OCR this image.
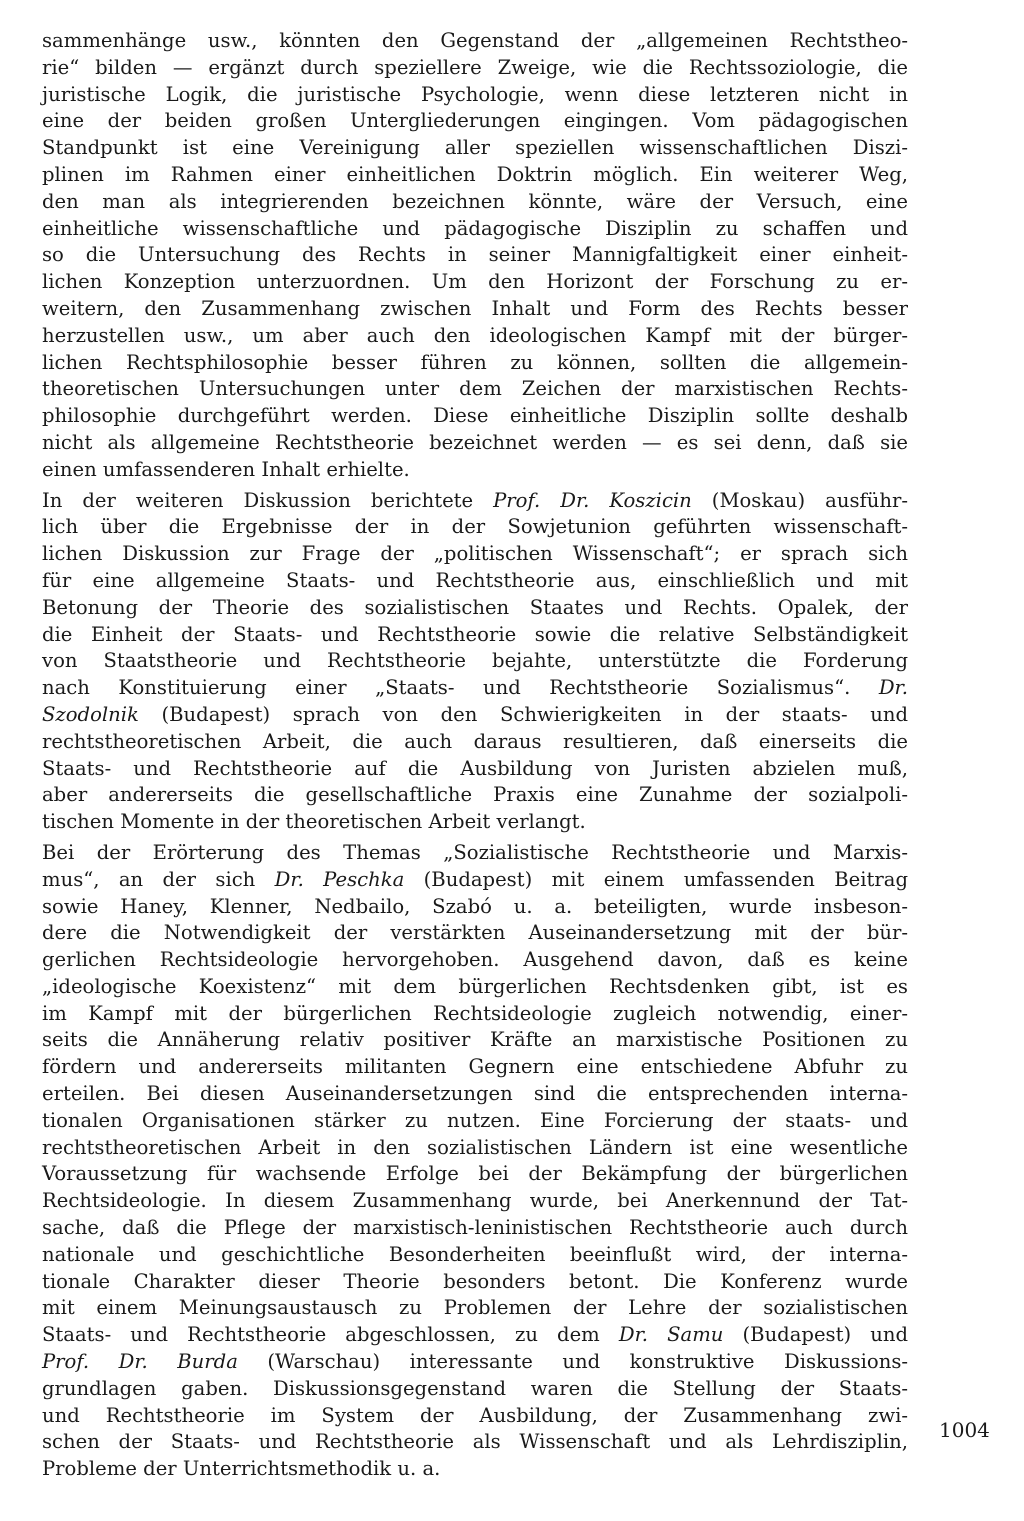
sammenhänge usw., könnten den Gegenstand der „allgemeinen Rechtstheo-
rie“ bilden — ergänzt durch speziellere Zweige, wie die Rechtssoziologie, die
juristische Logik, die juristische Psychologie, wenn diese letzteren nicht in
eine der beiden großen Untergliederungen eingingen. Vom pädagogischen
Standpunkt ist eine Vereinigung aller speziellen wissenschaftlichen Diszi-
plinen im Rahmen einer einheitlichen Doktrin möglich. Ein weiterer Weg,
den man als integrierenden bezeichnen könnte, wäre der Versuch, eine
einheitliche wissenschaftliche und pädagogische Disziplin zu schaffen und
so die Untersuchung des Rechts in seiner Mannigfaltigkeit einer einheit-
lichen Konzeption unterzuordnen. Um den Horizont der Forschung zu er-
weitern, den Zusammenhang zwischen Inhalt und Form des Rechts besser
herzustellen usw., um aber auch den ideologischen Kampf mit der bürger-
lichen Rechtsphilosophie besser führen zu können, sollten die allgemein-
theoretischen Untersuchungen unter dem Zeichen der marxistischen Rechts-
philosophie durchgeführt werden. Diese einheitliche Disziplin sollte deshalb
nicht als allgemeine Rechtstheorie bezeichnet werden — es sei denn, daß sie
einen umfassenderen Inhalt erhielte.
In der weiteren Diskussion berichtete Prof. Dr. Koszicin (Moskau) ausführ-
lich über die Ergebnisse der in der Sowjetunion geführten wissenschaft-
lichen Diskussion zur Frage der „politischen Wissenschaft“; er sprach sich
für eine allgemeine Staats- und Rechtstheorie aus, einschließlich und mit
Betonung der Theorie des sozialistischen Staates und Rechts. Opalek, der
die Einheit der Staats- und Rechtstheorie sowie die relative Selbständigkeit
von Staatstheorie und Rechtstheorie bejahte, unterstützte die Forderung
nach Konstituierung einer „Staats- und Rechtstheorie Sozialismus“. Dr.
Szodolnik (Budapest) sprach von den Schwierigkeiten in der staats- und
rechtstheoretischen Arbeit, die auch daraus resultieren, daß einerseits die
Staats- und Rechtstheorie auf die Ausbildung von Juristen abzielen muß,
aber andererseits die gesellschaftliche Praxis eine Zunahme der sozialpoli-
tischen Momente in der theoretischen Arbeit verlangt.
Bei der Erörterung des Themas „Sozialistische Rechtstheorie und Marxis-
mus“, an der sich Dr. Peschka (Budapest) mit einem umfassenden Beitrag
sowie Haney, Klenner, Nedbailo, Szabó u. a. beteiligten, wurde insbeson-
dere die Notwendigkeit der verstärkten Auseinandersetzung mit der bür-
gerlichen Rechtsideologie hervorgehoben. Ausgehend davon, daß es keine
„ideologische Koexistenz“ mit dem bürgerlichen Rechtsdenken gibt, ist es
im Kampf mit der bürgerlichen Rechtsideologie zugleich notwendig, einer-
seits die Annäherung relativ positiver Kräfte an marxistische Positionen zu
fördern und andererseits militanten Gegnern eine entschiedene Abfuhr zu
erteilen. Bei diesen Auseinandersetzungen sind die entsprechenden interna-
tionalen Organisationen stärker zu nutzen. Eine Forcierung der staats- und
rechtstheoretischen Arbeit in den sozialistischen Ländern ist eine wesentliche
Voraussetzung für wachsende Erfolge bei der Bekämpfung der bürgerlichen
Rechtsideologie. In diesem Zusammenhang wurde, bei Anerkennund der Tat-
sache, daß die Pflege der marxistisch-leninistischen Rechtstheorie auch durch
nationale und geschichtliche Besonderheiten beeinflußt wird, der interna-
tionale Charakter dieser Theorie besonders betont. Die Konferenz wurde
mit einem Meinungsaustausch zu Problemen der Lehre der sozialistischen
Staats- und Rechtstheorie abgeschlossen, zu dem Dr. Samu (Budapest) und
Prof. Dr. Burda (Warschau) interessante und konstruktive Diskussions-
grundlagen gaben. Diskussionsgegenstand waren die Stellung der Staats-
und Rechtstheorie im System der Ausbildung, der Zusammenhang zwi-
schen der Staats- und Rechtstheorie als Wissenschaft und als Lehrdisziplin,
Probleme der Unterrichtsmethodik u. a.
1004
